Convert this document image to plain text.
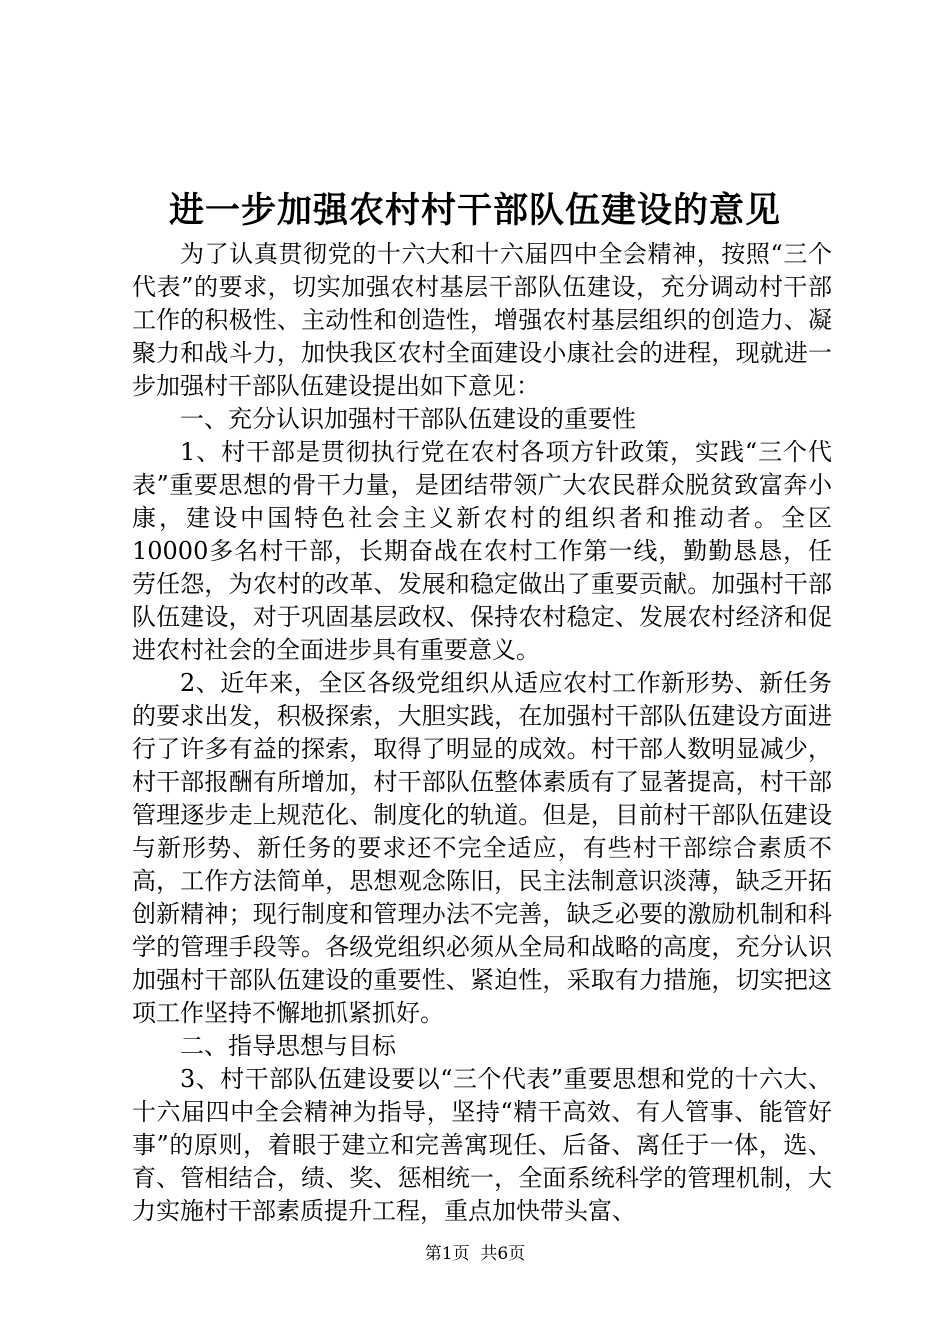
进一步加强农村村干部队伍建设的意见

为了认真贯彻党的十六大和十六届四中全会精神，按照“三个代表”的要求，切实加强农村基层干部队伍建设，充分调动村干部工作的积极性、主动性和创造性，增强农村基层组织的创造力、凝聚力和战斗力，加快我区农村全面建设小康社会的进程，现就进一步加强村干部队伍建设提出如下意见：

一、充分认识加强村干部队伍建设的重要性

1、村干部是贯彻执行党在农村各项方针政策，实践“三个代表”重要思想的骨干力量，是团结带领广大农民群众脱贫致富奔小康，建设中国特色社会主义新农村的组织者和推动者。全区10000多名村干部，长期奋战在农村工作第一线，勤勤恳恳，任劳任怨，为农村的改革、发展和稳定做出了重要贡献。加强村干部队伍建设，对于巩固基层政权、保持农村稳定、发展农村经济和促进农村社会的全面进步具有重要意义。

2、近年来，全区各级党组织从适应农村工作新形势、新任务的要求出发，积极探索，大胆实践，在加强村干部队伍建设方面进行了许多有益的探索，取得了明显的成效。村干部人数明显减少，村干部报酬有所增加，村干部队伍整体素质有了显著提高，村干部管理逐步走上规范化、制度化的轨道。但是，目前村干部队伍建设与新形势、新任务的要求还不完全适应，有些村干部综合素质不高，工作方法简单，思想观念陈旧，民主法制意识淡薄，缺乏开拓创新精神；现行制度和管理办法不完善，缺乏必要的激励机制和科学的管理手段等。各级党组织必须从全局和战略的高度，充分认识加强村干部队伍建设的重要性、紧迫性，采取有力措施，切实把这项工作坚持不懈地抓紧抓好。

二、指导思想与目标

3、村干部队伍建设要以“三个代表”重要思想和党的十六大、十六届四中全会精神为指导，坚持“精干高效、有人管事、能管好事”的原则，着眼于建立和完善寓现任、后备、离任于一体，选、育、管相结合，绩、奖、惩相统一，全面系统科学的管理机制，大力实施村干部素质提升工程，重点加快带头富、

第1页  共6页
